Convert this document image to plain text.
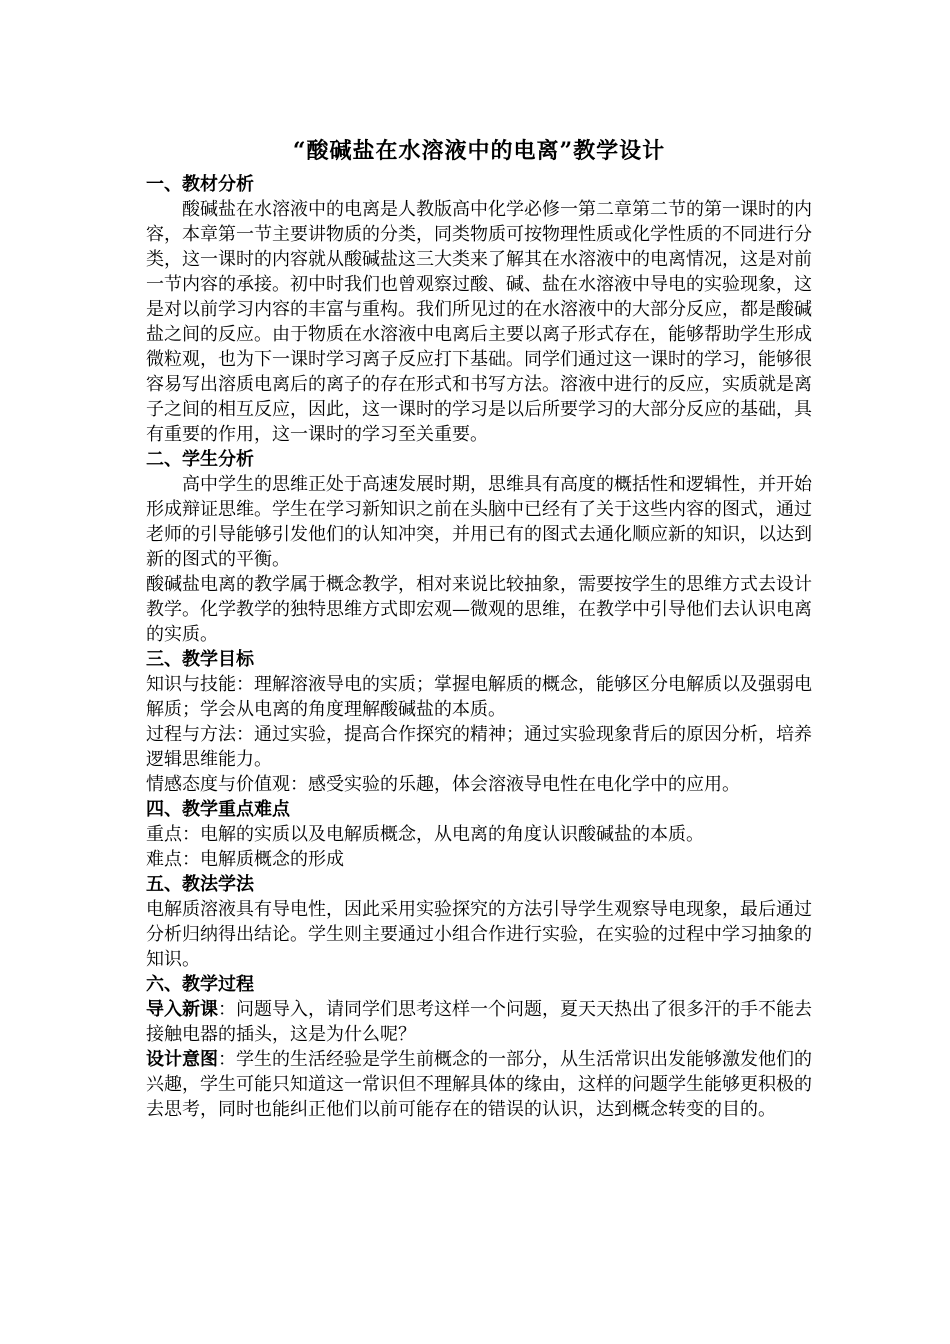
“酸碱盐在水溶液中的电离”教学设计
一、教材分析

酸碱盐在水溶液中的电离是人教版高中化学必修一第二章第二节的第一课时的内容，本章第一节主要讲物质的分类，同类物质可按物理性质或化学性质的不同进行分类，这一课时的内容就从酸碱盐这三大类来了解其在水溶液中的电离情况，这是对前一节内容的承接。初中时我们也曾观察过酸、碱、盐在水溶液中导电的实验现象，这是对以前学习内容的丰富与重构。我们所见过的在水溶液中的大部分反应，都是酸碱盐之间的反应。由于物质在水溶液中电离后主要以离子形式存在，能够帮助学生形成微粒观，也为下一课时学习离子反应打下基础。同学们通过这一课时的学习，能够很容易写出溶质电离后的离子的存在形式和书写方法。溶液中进行的反应，实质就是离子之间的相互反应，因此，这一课时的学习是以后所要学习的大部分反应的基础，具有重要的作用，这一课时的学习至关重要。

二、学生分析

高中学生的思维正处于高速发展时期，思维具有高度的概括性和逻辑性，并开始形成辩证思维。学生在学习新知识之前在头脑中已经有了关于这些内容的图式，通过老师的引导能够引发他们的认知冲突，并用已有的图式去通化顺应新的知识，以达到新的图式的平衡。

酸碱盐电离的教学属于概念教学，相对来说比较抽象，需要按学生的思维方式去设计教学。化学教学的独特思维方式即宏观—微观的思维，在教学中引导他们去认识电离的实质。

三、教学目标

知识与技能：理解溶液导电的实质；掌握电解质的概念，能够区分电解质以及强弱电解质；学会从电离的角度理解酸碱盐的本质。

过程与方法：通过实验，提高合作探究的精神；通过实验现象背后的原因分析，培养逻辑思维能力。

情感态度与价值观：感受实验的乐趣，体会溶液导电性在电化学中的应用。

四、教学重点难点

重点：电解的实质以及电解质概念，从电离的角度认识酸碱盐的本质。

难点：电解质概念的形成

五、教法学法

电解质溶液具有导电性，因此采用实验探究的方法引导学生观察导电现象，最后通过分析归纳得出结论。学生则主要通过小组合作进行实验，在实验的过程中学习抽象的知识。

六、教学过程

导入新课：问题导入，请同学们思考这样一个问题，夏天天热出了很多汗的手不能去接触电器的插头，这是为什么呢？

设计意图：学生的生活经验是学生前概念的一部分，从生活常识出发能够激发他们的兴趣，学生可能只知道这一常识但不理解具体的缘由，这样的问题学生能够更积极的去思考，同时也能纠正他们以前可能存在的错误的认识，达到概念转变的目的。
